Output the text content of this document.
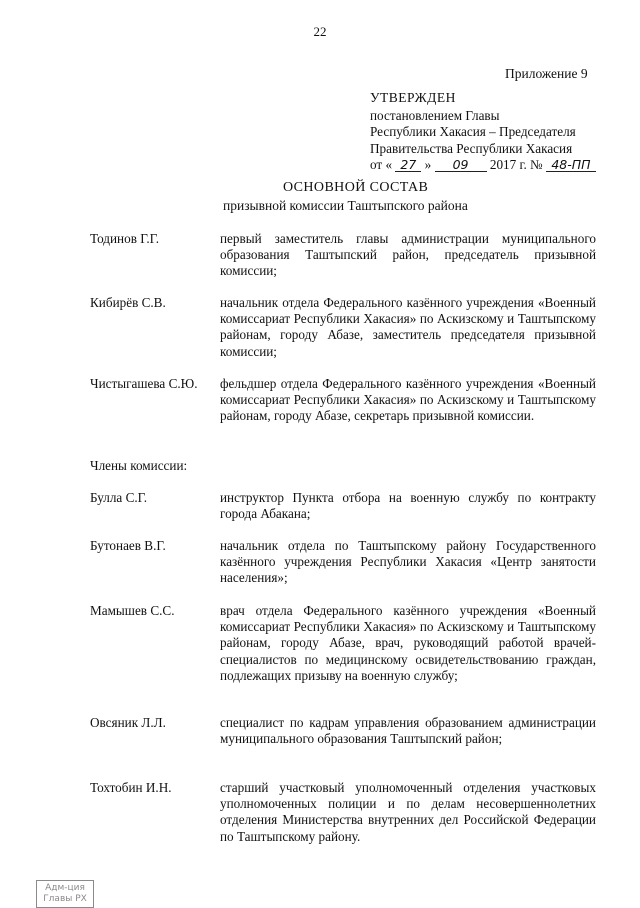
22
Приложение 9
УТВЕРЖДЕН
постановлением Главы
Республики Хакасия – Председателя
Правительства Республики Хакасия
от « 27 » 09 2017 г. № 48-ПП
ОСНОВНОЙ СОСТАВ
призывной комиссии Таштыпского района
Тодинов Г.Г.	первый заместитель главы администрации муниципального образования Таштыпский район, председатель призывной комиссии;
Кибирёв С.В.	начальник отдела Федерального казённого учреждения «Военный комиссариат Республики Хакасия» по Аскизскому и Таштыпскому районам, городу Абазе, заместитель председателя призывной комиссии;
Чистыгашева С.Ю. фельдшер отдела Федерального казённого учреждения «Военный комиссариат Республики Хакасия» по Аскизскому и Таштыпскому районам, городу Абазе, секретарь призывной комиссии.
Члены комиссии:
Булла С.Г.	инструктор Пункта отбора на военную службу по контракту города Абакана;
Бутонаев В.Г.	начальник отдела по Таштыпскому району Государственного казённого учреждения Республики Хакасия «Центр занятости населения»;
Мамышев С.С.	врач отдела Федерального казённого учреждения «Военный комиссариат Республики Хакасия» по Аскизскому и Таштыпскому районам, городу Абазе, врач, руководящий работой врачей-специалистов по медицинскому освидетельствованию граждан, подлежащих призыву на военную службу;
Овсяник Л.Л.	специалист по кадрам управления образованием администрации муниципального образования Таштыпский район;
Тохтобин И.Н.	старший участковый уполномоченный отделения участковых уполномоченных полиции и по делам несовершеннолетних отделения Министерства внутренних дел Российской Федерации по Таштыпскому району.
Адм-ция
Главы РХ
